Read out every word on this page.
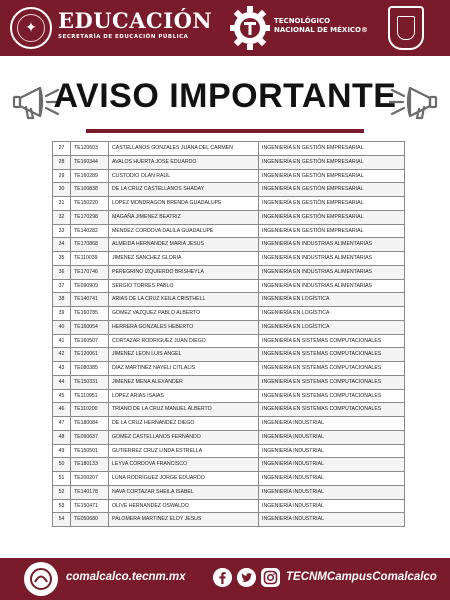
✦	EDUCACIÓN
SECRETARÍA DE EDUCACIÓN PÚBLICA
TECNOLÓGICO
NACIONAL DE MÉXICO®
AVISO IMPORTANTE
27	TE120603	CASTELLANOS GONZALES JUANA DEL CARMEN	INGENIERÍA EN GESTIÓN EMPRESARIAL
28	TE160344	AVALOS HUERTA JOSE EDUARDO	INGENIERÍA EN GESTIÓN EMPRESARIAL
29	TE160289	CUSTODIO OLAN RAUL	INGENIERÍA EN GESTIÓN EMPRESARIAL
30	TE100838	DE LA CRUZ CASTELLANOS SHADAY	INGENIERÍA EN GESTIÓN EMPRESARIAL
31	TE150220	LOPEZ MONDRAGON BRENDA GUADALUPE	INGENIERÍA EN GESTIÓN EMPRESARIAL
32	TE170298	MAGAÑA JIMENEZ BEATRIZ	INGENIERÍA EN GESTIÓN EMPRESARIAL
33	TE140282	MENDEZ CORDOVA DALILA GUADALUPE	INGENIERÍA EN GESTIÓN EMPRESARIAL
34	TE170868	ALMEIDA HERNANDEZ MARIA JESUS	INGENIERÍA EN INDUSTRIAS ALIMENTARIAS
35	TE110039	JIMENEZ SANCHEZ GLORIA	INGENIERÍA EN INDUSTRIAS ALIMENTARIAS
36	TE170746	PEREGRINO IZQUIERDO BRISHEYLA	INGENIERÍA EN INDUSTRIAS ALIMENTARIAS
37	TE090909	SERGIO TORRES PABLO	INGENIERÍA EN INDUSTRIAS ALIMENTARIAS
38	TE140741	ARIAS DE LA CRUZ KEILA CRISTHELL	INGENIERÍA EN LOGÍSTICA
39	TE160785	GOMEZ VAZQUEZ PABLO ALBERTO	INGENIERÍA EN LOGÍSTICA
40	TE160054	HERRERA GONZALES HEBERTO	INGENIERÍA EN LOGÍSTICA
41	TE160507	CORTAZAR RODRIGUEZ JUAN DIEGO	INGENIERÍA EN SISTEMAS COMPUTACIONALES
42	TE120061	JIMENEZ LEON LUIS ANGEL	INGENIERÍA EN SISTEMAS COMPUTACIONALES
43	TE080385	DIAZ MARTINEZ NAYELI CITLALIS	INGENIERÍA EN SISTEMAS COMPUTACIONALES
44	TE150331	JIMENEZ MENA ALEXANDER	INGENIERÍA EN SISTEMAS COMPUTACIONALES
45	TE110951	LOPEZ ARIAS ISAIAS	INGENIERÍA EN SISTEMAS COMPUTACIONALES
46	TE110200	TRIANO DE LA CRUZ MANUEL ALBERTO	INGENIERÍA EN SISTEMAS COMPUTACIONALES
47	TE180084	DE LA CRUZ HERNANDEZ DIEGO	INGENIERÍA INDUSTRIAL
48	TE090637	GOMEZ CASTELLANOS FERNANDO	INGENIERÍA INDUSTRIAL
49	TE150501	GUTIERREZ CRUZ LINDA ESTRELLA	INGENIERÍA INDUSTRIAL
50	TE180133	LEYVA CORDOVA FRANCISCO	INGENIERÍA INDUSTRIAL
51	TE200207	LUNA RODRIGUEZ JORGE EDUARDO	INGENIERÍA INDUSTRIAL
52	TE140178	NAVA CORTAZAR SHEILA ISABEL	INGENIERÍA INDUSTRIAL
53	TE150471	OLIVE HERNANDEZ OSWALDO	INGENIERÍA INDUSTRIAL
54	TE050680	PALOMERA MARTINEZ ELOY JESUS	INGENIERÍA INDUSTRIAL
comalcalco.tecnm.mx	TECNMCampusComalcalco
